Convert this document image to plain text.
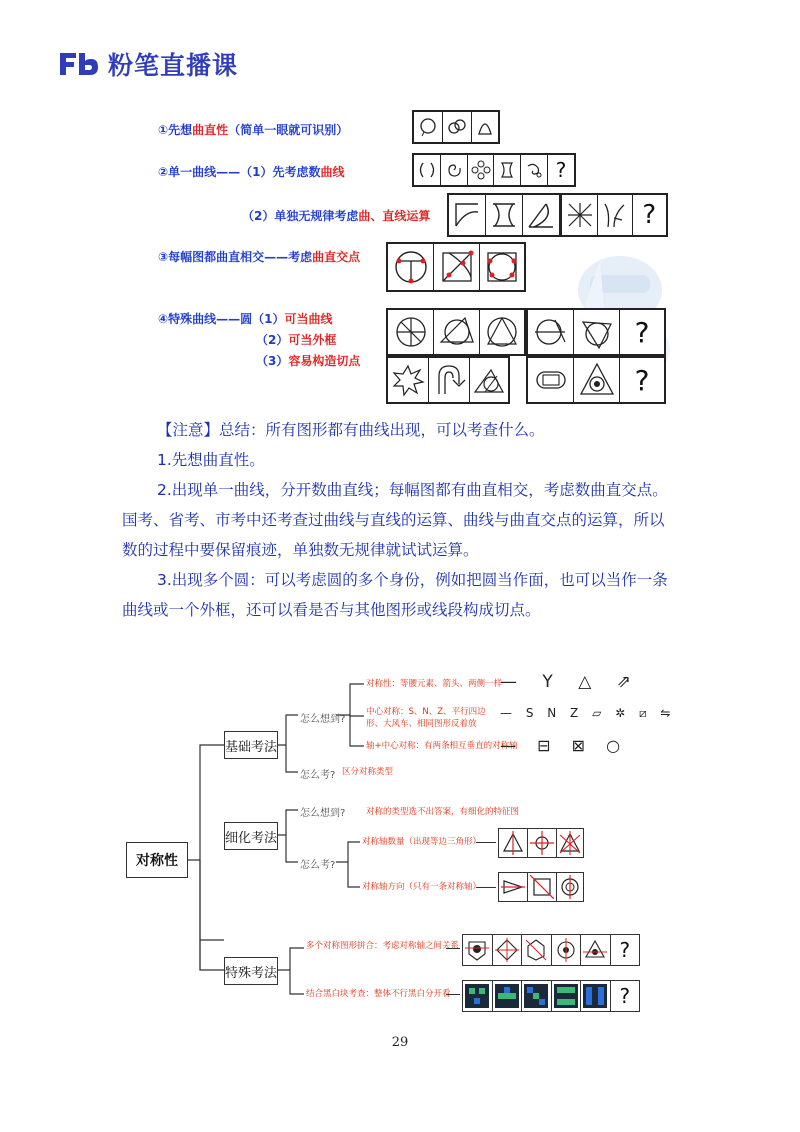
粉笔直播课
①先想曲直性（简单一眼就可识别）
②单一曲线——（1）先考虑数曲线
（2）单独无规律考虑曲、直线运算
③每幅图都曲直相交——考虑曲直交点
④特殊曲线——圆（1）可当曲线
（2）可当外框
（3）容易构造切点
?
?
?
?

【注意】总结：所有图形都有曲线出现，可以考查什么。

1.先想曲直性。

2.出现单一曲线，分开数曲直线；每幅图都有曲直相交，考虑数曲直交点。

国考、省考、市考中还考查过曲线与直线的运算、曲线与曲直交点的运算，所以

数的过程中要保留痕迹，单独数无规律就试试运算。

3.出现多个圆：可以考虑圆的多个身份，例如把圆当作面，也可以当作一条

曲线或一个外框，还可以看是否与其他图形或线段构成切点。

对称性
基础考法
细化考法
特殊考法
怎么想到?
怎么考? 区分对称类型
对称性：等腰元素、箭头、两侧一样
中心对称：S、N、Z、平行四边形、大风车、相同图形反着放
轴+中心对称：有两条相互垂直的对称轴
— Y △ ⇗
— S N Z ▱ ✲ ⧄ ⇋
— ⊟ ⊠ ○
怎么想到? 对称的类型选不出答案，有细化的特征图
怎么考?
对称轴数量（出现等边三角形）
对称轴方向（只有一条对称轴）
多个对称图形拼合：考虑对称轴之间关系
结合黑白块考查：整体不行黑白分开看
?
?
29
